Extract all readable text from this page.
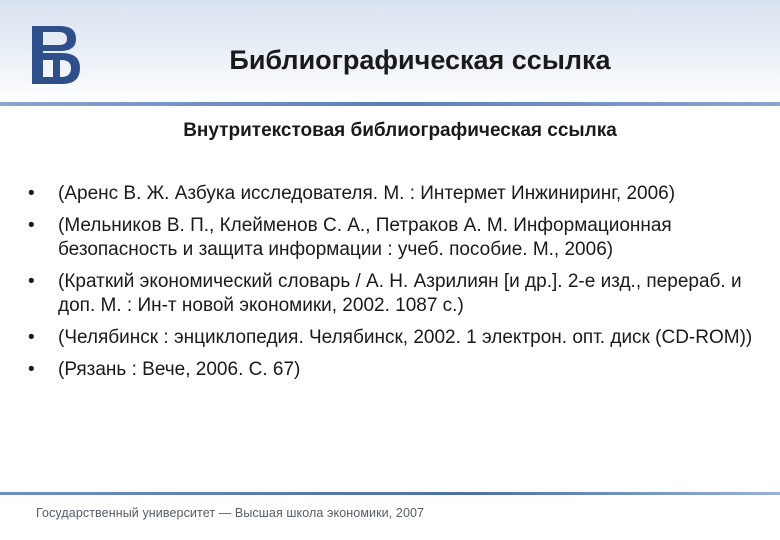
Библиографическая ссылка
Внутритекстовая библиографическая ссылка
• (Аренс В. Ж. Азбука исследователя. М. : Интермет Инжиниринг, 2006)
• (Мельников В. П., Клейменов С. А., Петраков А. М. Информационная безопасность и защита информации : учеб. пособие. М., 2006)
• (Краткий экономический словарь / А. Н. Азрилиян [и др.]. 2-е изд., перераб. и доп. М. : Ин-т новой экономики, 2002. 1087 с.)
• (Челябинск : энциклопедия. Челябинск, 2002. 1 электрон. опт. диск (CD-ROM))
• (Рязань : Вече, 2006. С. 67)
Государственный университет — Высшая школа экономики, 2007
